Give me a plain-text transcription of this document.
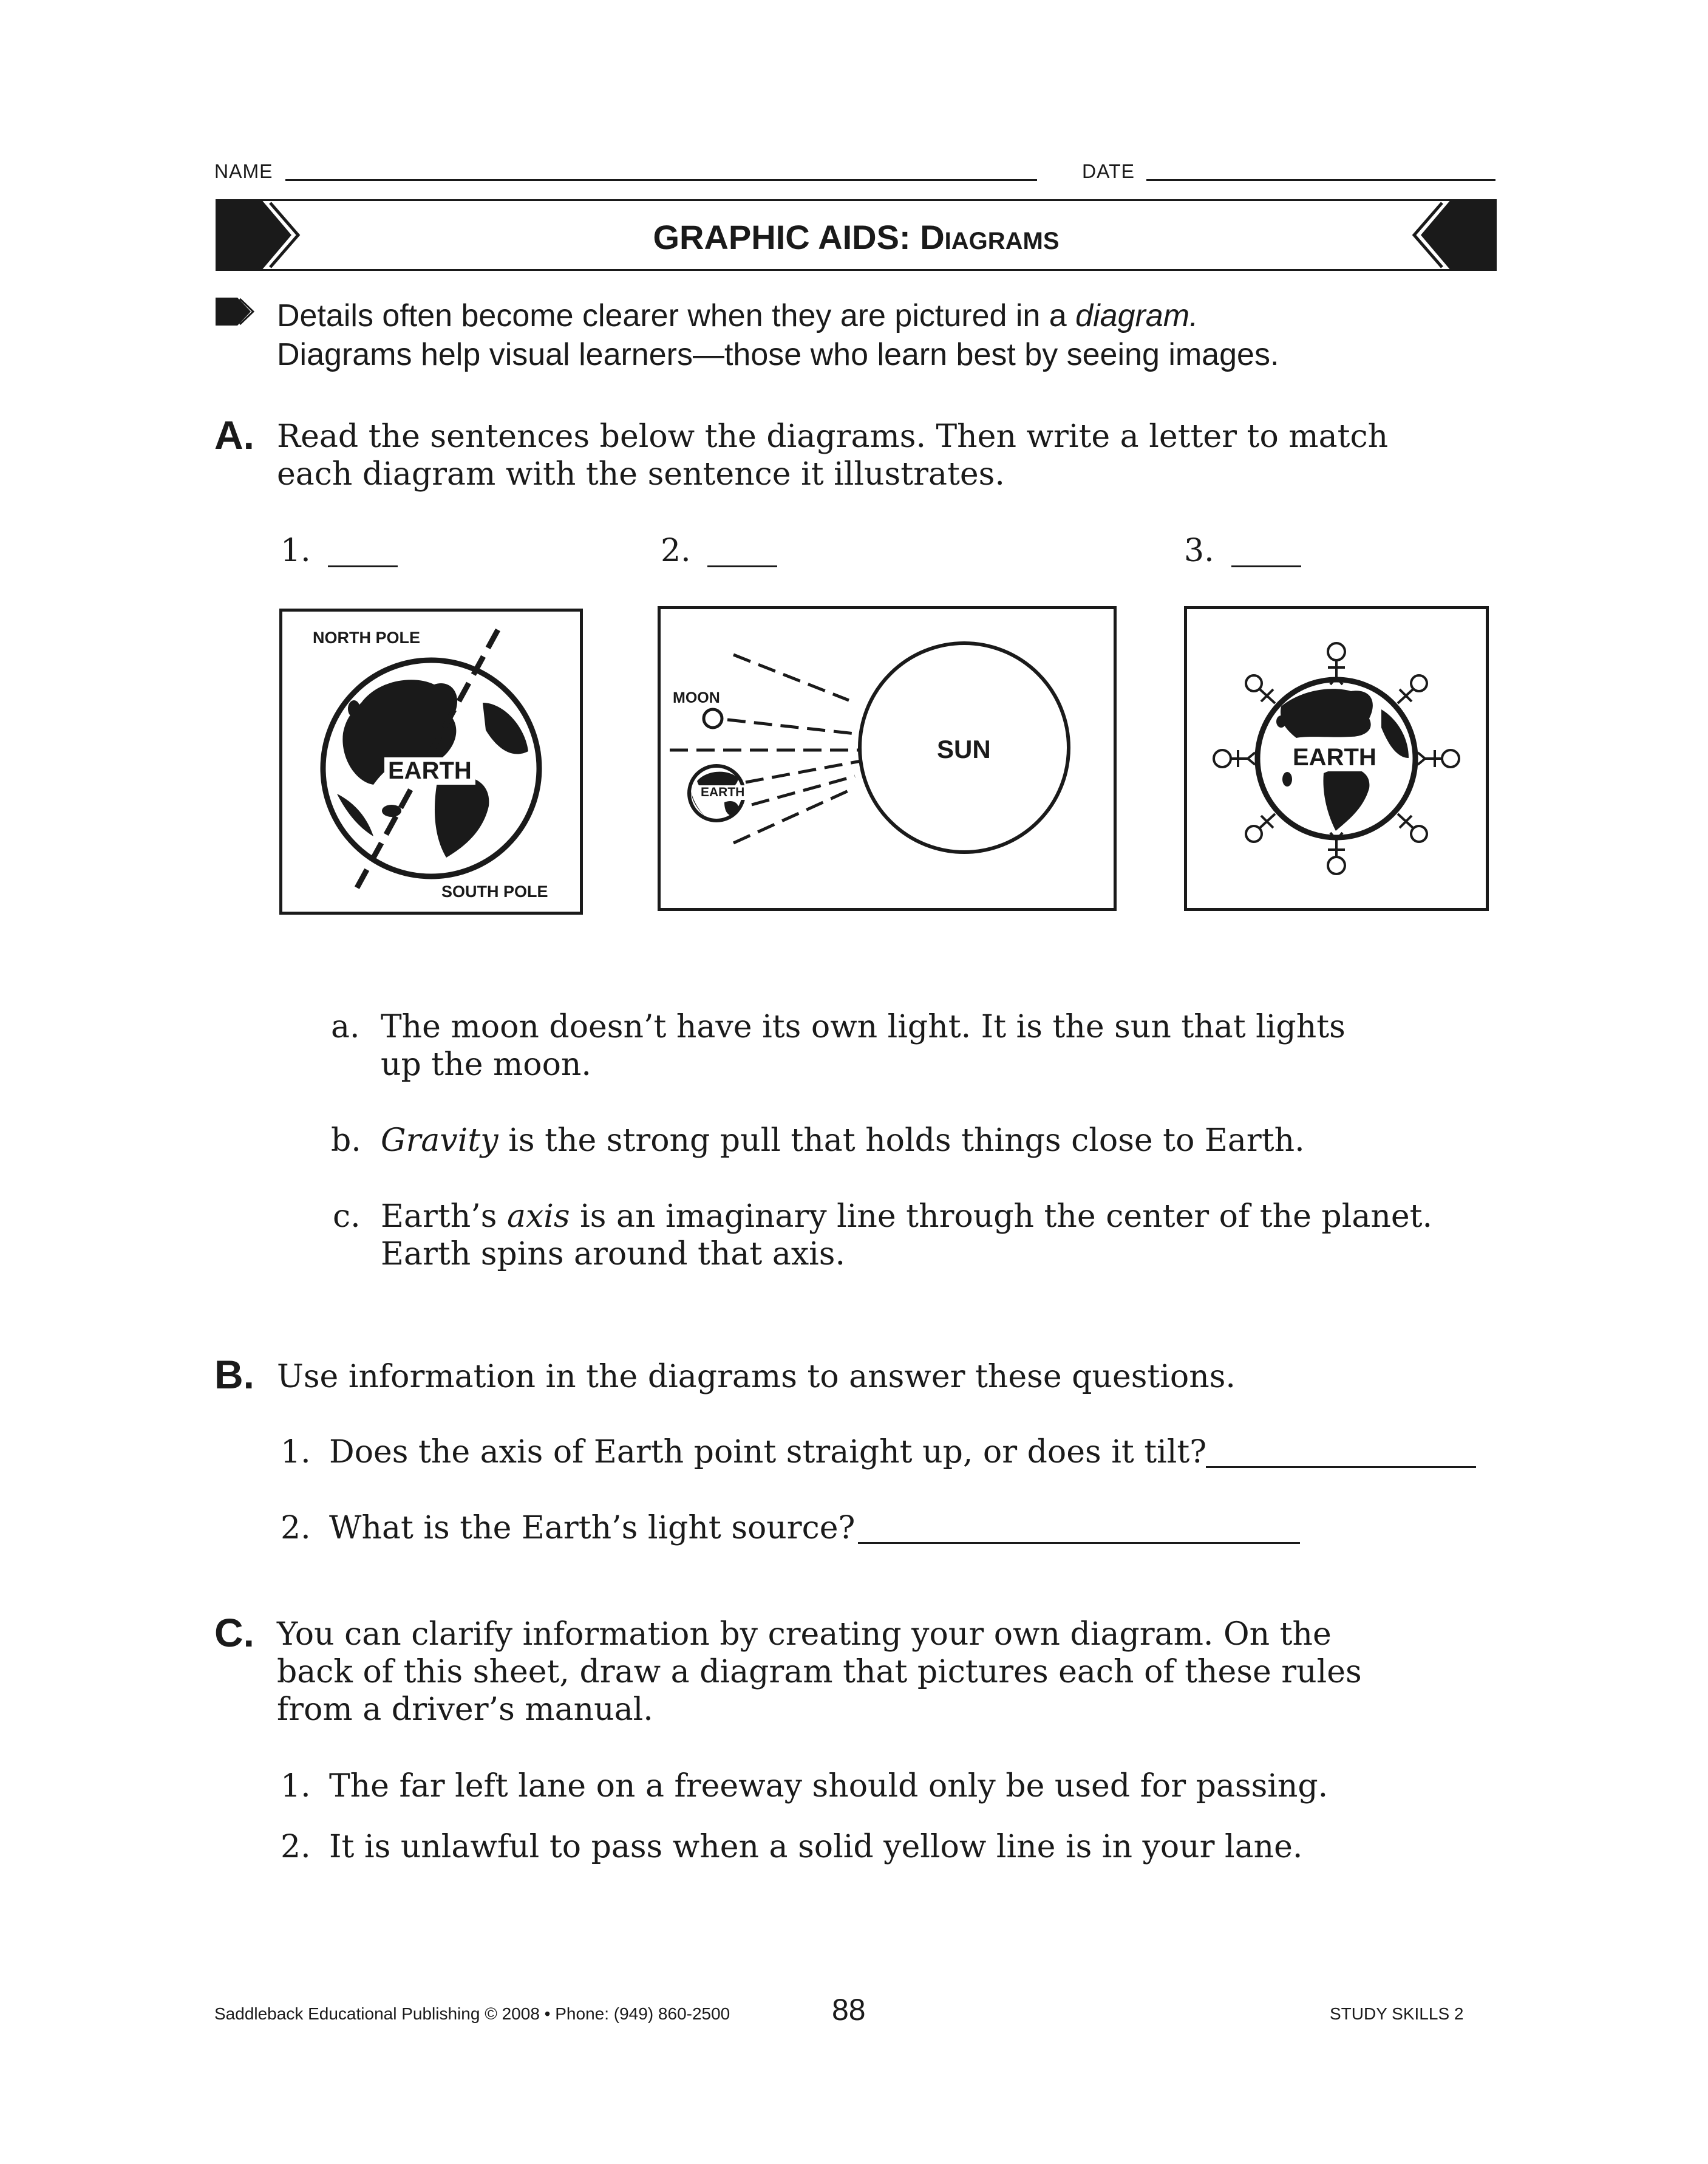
NAME	DATE
GRAPHIC AIDS: DIAGRAMS
Details often become clearer when they are pictured in a diagram.
Diagrams help visual learners—those who learn best by seeing images.
A. Read the sentences below the diagrams. Then write a letter to match
each diagram with the sentence it illustrates.
1.	2.	3.
NORTH POLE
EARTH
SOUTH POLE
MOON
EARTH
SUN	EARTH
a. The moon doesn’t have its own light. It is the sun that lights
up the moon.
b. Gravity is the strong pull that holds things close to Earth.
c. Earth’s axis is an imaginary line through the center of the planet.
Earth spins around that axis.
B. Use information in the diagrams to answer these questions.
1. Does the axis of Earth point straight up, or does it tilt?
2. What is the Earth’s light source?
C. You can clarify information by creating your own diagram. On the
back of this sheet, draw a diagram that pictures each of these rules
from a driver’s manual.
1. The far left lane on a freeway should only be used for passing.
2. It is unlawful to pass when a solid yellow line is in your lane.
Saddleback Educational Publishing © 2008 • Phone: (949) 860-2500	88	STUDY SKILLS 2
